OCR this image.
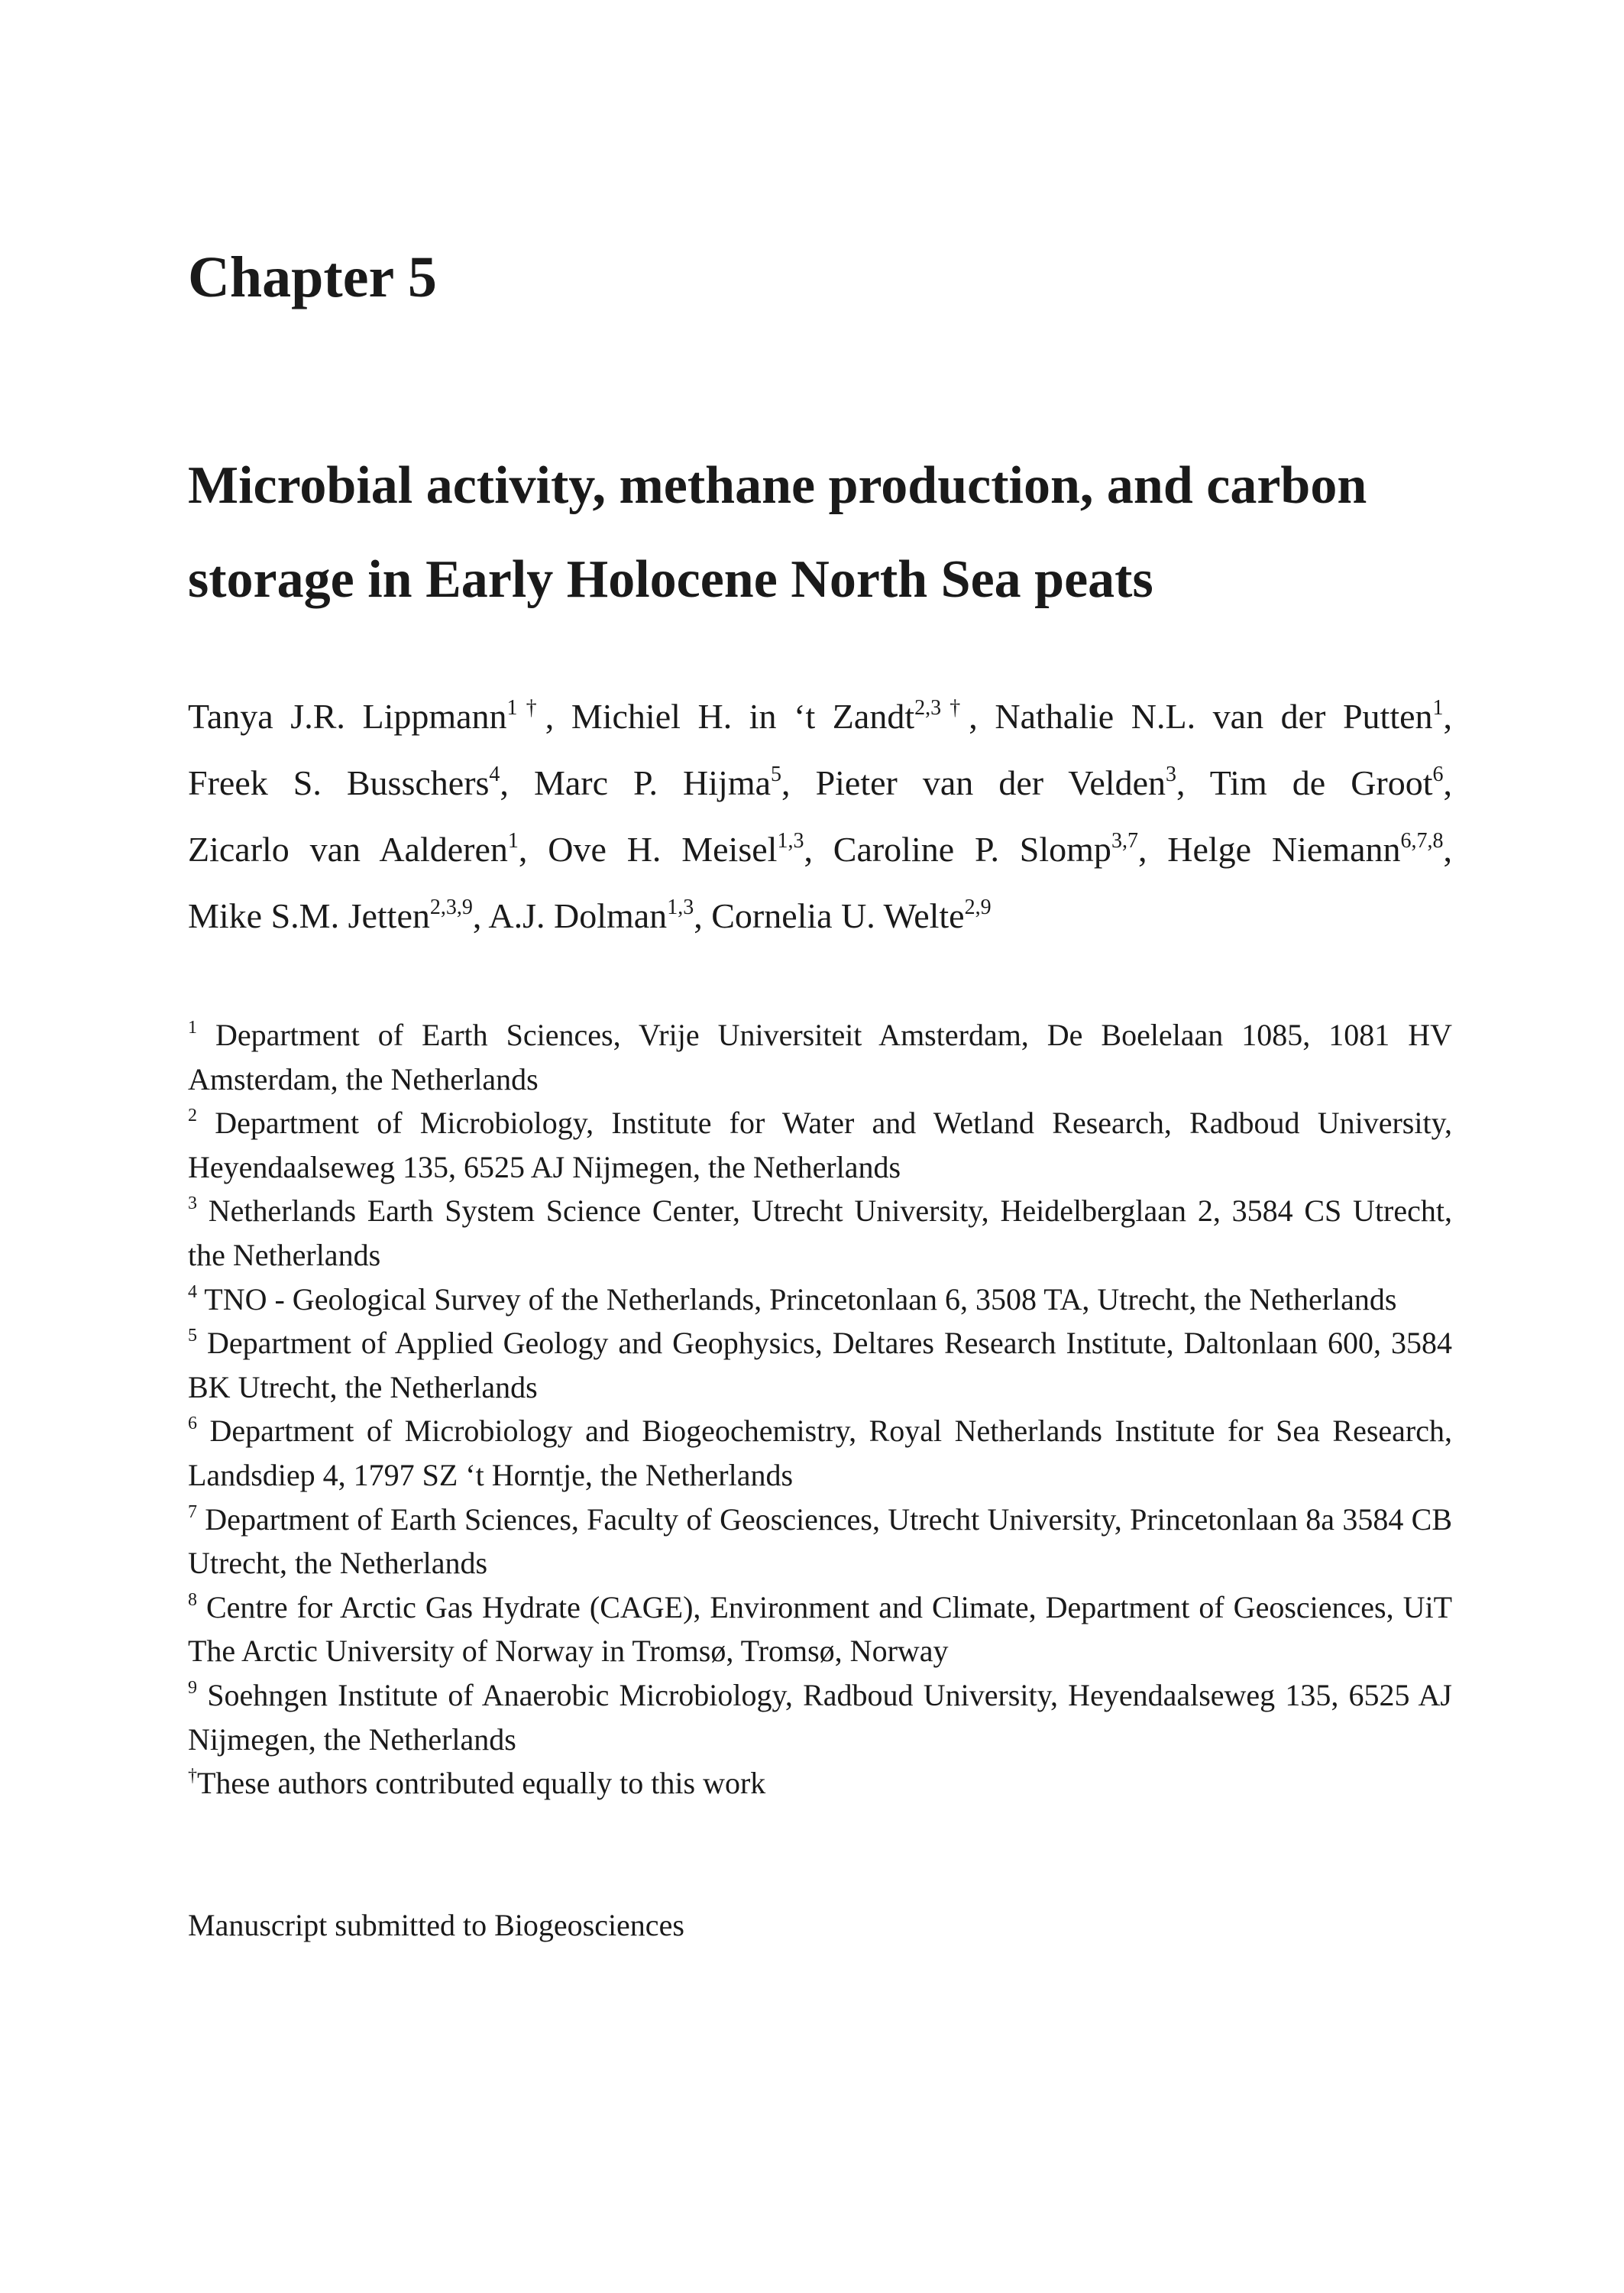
Chapter 5
Microbial activity, methane production, and carbon storage in Early Holocene North Sea peats
Tanya J.R. Lippmann$^{1\dagger}$, Michiel H. in ‘t Zandt$^{2,3\dagger}$, Nathalie N.L. van der Putten$^1$,
Freek S. Busschers$^4$, Marc P. Hijma$^5$, Pieter van der Velden$^3$, Tim de Groot$^6$,
Zicarlo van Aalderen$^1$, Ove H. Meisel$^{1,3}$, Caroline P. Slomp$^{3,7}$, Helge Niemann$^{6,7,8}$,
Mike S.M. Jetten$^{2,3,9}$, A.J. Dolman$^{1,3}$, Cornelia U. Welte$^{2,9}$
$^1$ Department of Earth Sciences, Vrije Universiteit Amsterdam, De Boelelaan 1085, 1081 HV Amsterdam, the Netherlands
$^2$ Department of Microbiology, Institute for Water and Wetland Research, Radboud University, Heyendaalseweg 135, 6525 AJ Nijmegen, the Netherlands
$^3$ Netherlands Earth System Science Center, Utrecht University, Heidelberglaan 2, 3584 CS Utrecht, the Netherlands
$^4$ TNO - Geological Survey of the Netherlands, Princetonlaan 6, 3508 TA, Utrecht, the Netherlands
$^5$ Department of Applied Geology and Geophysics, Deltares Research Institute, Daltonlaan 600, 3584 BK Utrecht, the Netherlands
$^6$ Department of Microbiology and Biogeochemistry, Royal Netherlands Institute for Sea Research, Landsdiep 4, 1797 SZ ‘t Horntje, the Netherlands
$^7$ Department of Earth Sciences, Faculty of Geosciences, Utrecht University, Princetonlaan 8a 3584 CB Utrecht, the Netherlands
$^8$ Centre for Arctic Gas Hydrate (CAGE), Environment and Climate, Department of Geosciences, UiT The Arctic University of Norway in Tromsø, Tromsø, Norway
$^9$ Soehngen Institute of Anaerobic Microbiology, Radboud University, Heyendaalseweg 135, 6525 AJ Nijmegen, the Netherlands
†These authors contributed equally to this work
Manuscript submitted to Biogeosciences
